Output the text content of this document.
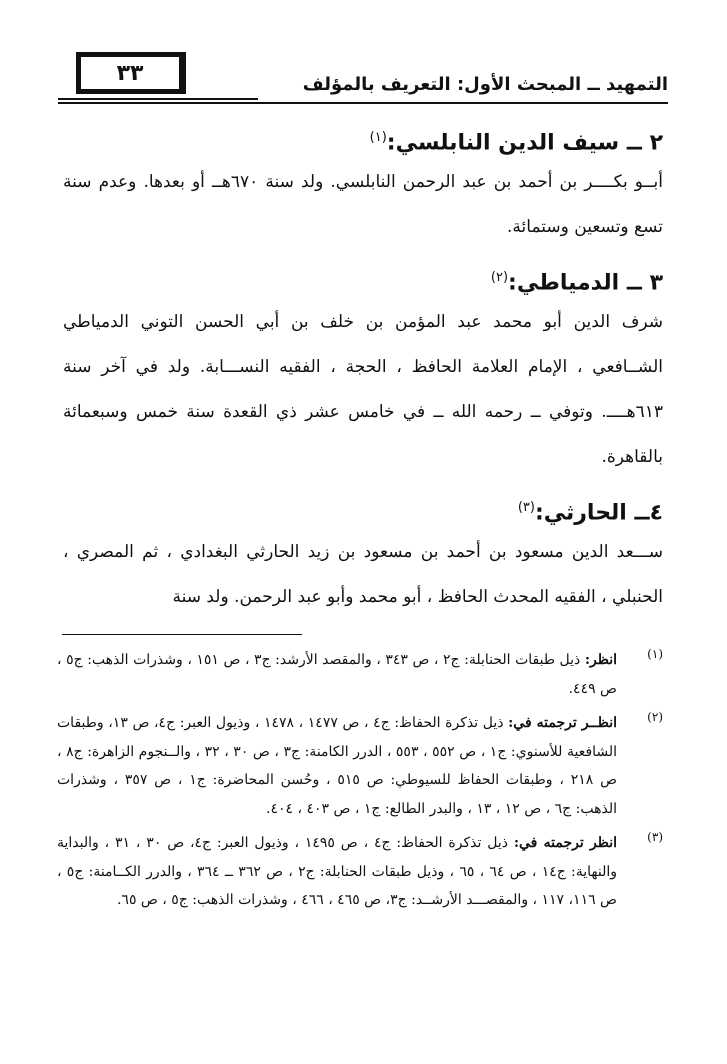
٣٣	التمهيد ــ المبحث الأول: التعريف بالمؤلف
٢ ــ سيف الدين النابلسي:$^{(١)}$

أبــو بكــــر بن أحمد بن عبد الرحمن النابلسي. ولد سنة ٦٧٠هــ أو بعدها. وعدم سنة تسع وتسعين وستمائة.

٣ ــ الدمياطي:$^{(٢)}$

شرف الدين أبو محمد عبد المؤمن بن خلف بن أبي الحسن التوني الدمياطي الشــافعي ، الإمام العلامة الحافظ ، الحجة ، الفقيه النســـابة. ولد في آخر سنة ٦١٣هــــ. وتوفي ــ رحمه الله ــ في خامس عشر ذي القعدة سنة خمس وسبعمائة بالقاهرة.

٤ــ الحارثي:$^{(٣)}$

ســـعد الدين مسعود بن أحمد بن مسعود بن زيد الحارثي البغدادي ، ثم المصري ، الحنبلي ، الفقيه المحدث الحافظ ، أبو محمد وأبو عبد الرحمن. ولد سنة

(١)
انظر: ذيل طبقات الحنابلة: ج٢ ، ص ٣٤٣ ، والمقصد الأرشد: ج٣ ، ص ١٥١ ، وشذرات الذهب: ج٥ ، ص ٤٤٩.

(٢)
انظــر ترجمته في: ذيل تذكرة الحفاظ: ج٤ ، ص ١٤٧٧ ، ١٤٧٨ ، وذيول العبر: ج٤، ص ١٣، وطبقات الشافعية للأسنوي: ج١ ، ص ٥٥٢ ، ٥٥٣ ، الدرر الكامنة: ج٣ ، ص ٣٠ ، ٣٢ ، والــنجوم الزاهرة: ج٨ ، ص ٢١٨ ، وطبقات الحفاظ للسيوطي: ص ٥١٥ ، وحُسن المحاضرة: ج١ ، ص ٣٥٧ ، وشذرات الذهب: ج٦ ، ص ١٢ ، ١٣ ، والبدر الطالع: ج١ ، ص ٤٠٣ ، ٤٠٤.

(٣)
انظر ترجمته في: ذيل تذكرة الحفاظ: ج٤ ، ص ١٤٩٥ ، وذيول العبر: ج٤، ص ٣٠ ، ٣١ ، والبداية والنهاية: ج١٤ ، ص ٦٤ ، ٦٥ ، وذيل طبقات الحنابلة: ج٢ ، ص ٣٦٢ ــ ٣٦٤ ، والدرر الكــامنة: ج٥ ، ص ١١٦، ١١٧ ، والمقصـــد الأرشــد: ج٣، ص ٤٦٥ ، ٤٦٦ ، وشذرات الذهب: ج٥ ، ص ٦٥.
